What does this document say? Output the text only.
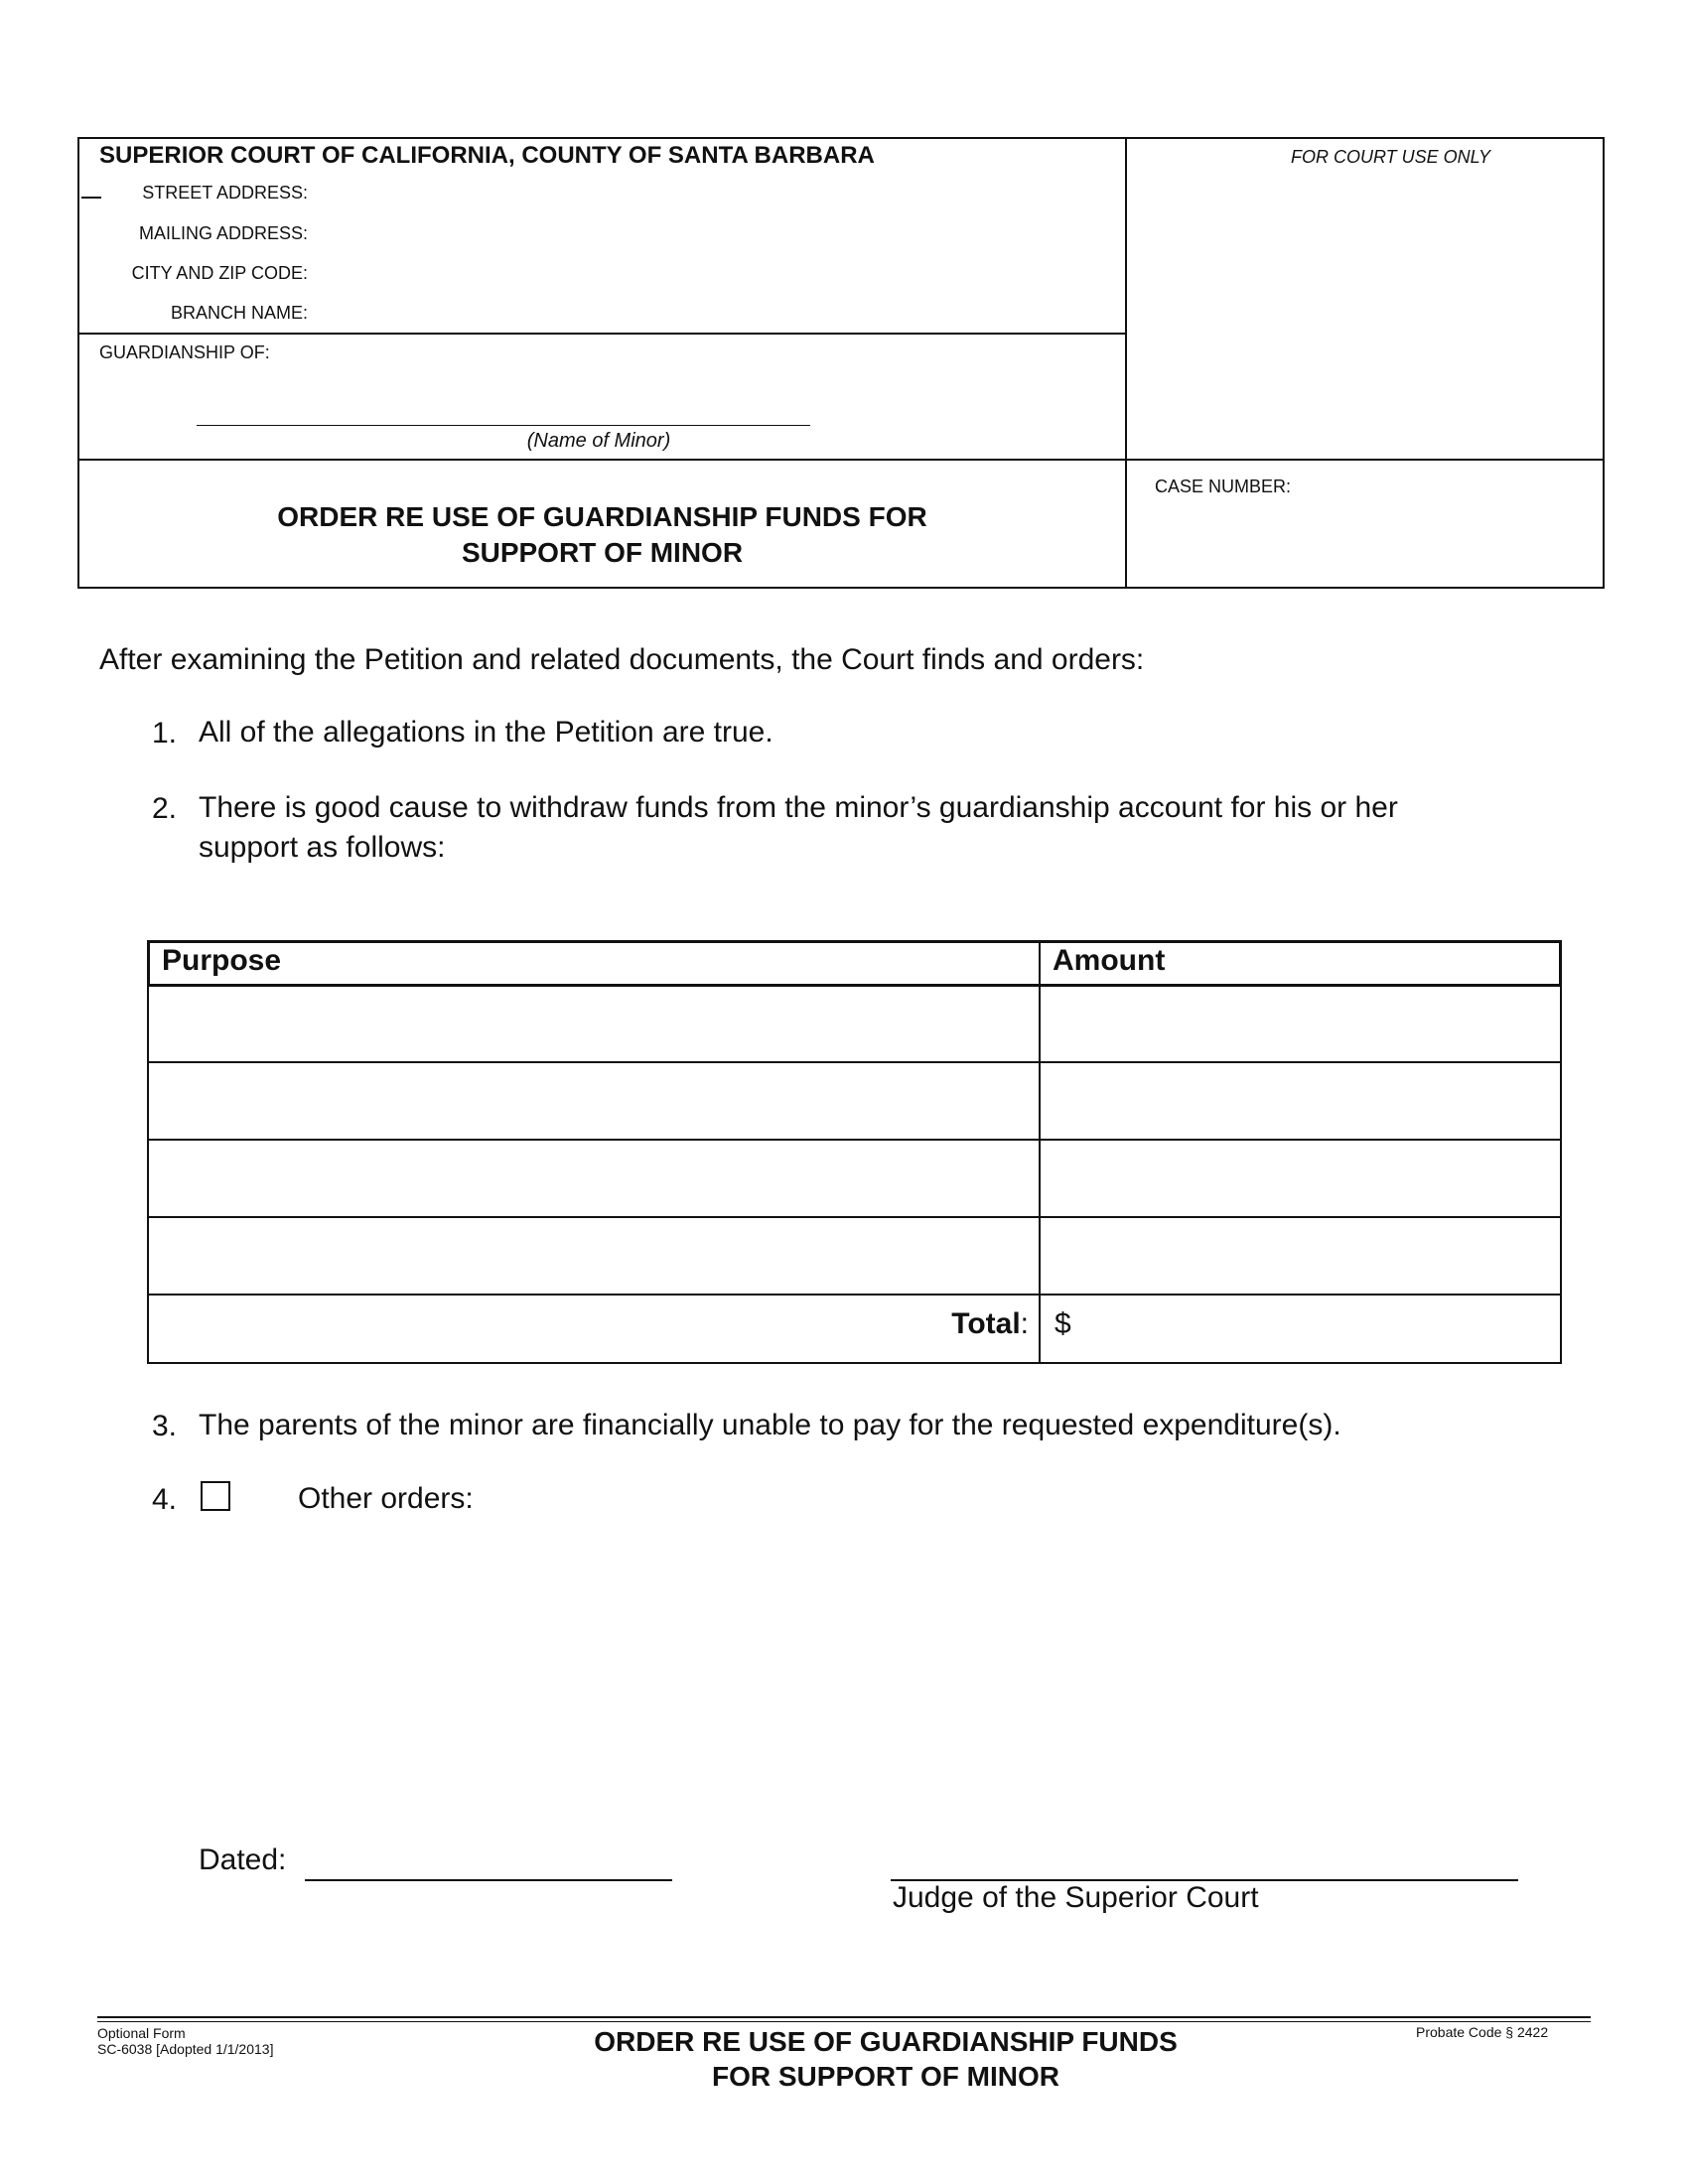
SUPERIOR COURT OF CALIFORNIA, COUNTY OF SANTA BARBARA
STREET ADDRESS:
MAILING ADDRESS:
CITY AND ZIP CODE:
BRANCH NAME:
FOR COURT USE ONLY
GUARDIANSHIP OF:
(Name of Minor)
ORDER RE USE OF GUARDIANSHIP FUNDS FOR
SUPPORT OF MINOR
CASE NUMBER:
After examining the Petition and related documents, the Court finds and orders:
1. All of the allegations in the Petition are true.
2. There is good cause to withdraw funds from the minor’s guardianship account for his or her
support as follows:
Purpose	Amount
Total: $
3. The parents of the minor are financially unable to pay for the requested expenditure(s).
4.	Other orders:
Dated:
Judge of the Superior Court
Optional Form
SC-6038 [Adopted 1/1/2013]	ORDER RE USE OF GUARDIANSHIP FUNDS
FOR SUPPORT OF MINOR
Probate Code § 2422
